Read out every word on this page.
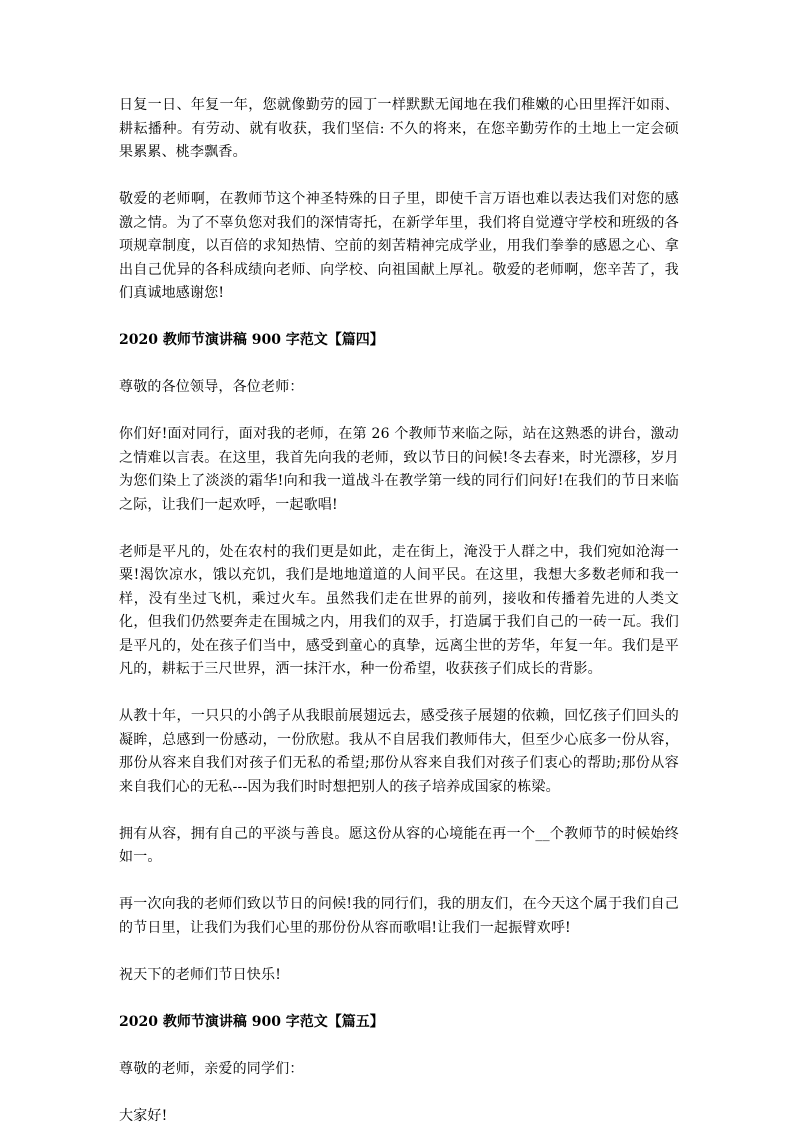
日复一日、年复一年，您就像勤劳的园丁一样默默无闻地在我们稚嫩的心田里挥汗如雨、耕耘播种。有劳动、就有收获，我们坚信: 不久的将来，在您辛勤劳作的土地上一定会硕果累累、桃李飘香。

敬爱的老师啊，在教师节这个神圣特殊的日子里，即使千言万语也难以表达我们对您的感激之情。为了不辜负您对我们的深情寄托，在新学年里，我们将自觉遵守学校和班级的各项规章制度，以百倍的求知热情、空前的刻苦精神完成学业，用我们拳拳的感恩之心、拿出自己优异的各科成绩向老师、向学校、向祖国献上厚礼。敬爱的老师啊，您辛苦了，我们真诚地感谢您!

2020 教师节演讲稿 900 字范文【篇四】

尊敬的各位领导，各位老师：

你们好!面对同行，面对我的老师，在第 26 个教师节来临之际，站在这熟悉的讲台，激动之情难以言表。在这里，我首先向我的老师，致以节日的问候!冬去春来，时光漂移，岁月为您们染上了淡淡的霜华!向和我一道战斗在教学第一线的同行们问好!在我们的节日来临之际，让我们一起欢呼，一起歌唱!

老师是平凡的，处在农村的我们更是如此，走在街上，淹没于人群之中，我们宛如沧海一粟!渴饮凉水，饿以充饥，我们是地地道道的人间平民。在这里，我想大多数老师和我一样，没有坐过飞机，乘过火车。虽然我们走在世界的前列，接收和传播着先进的人类文化，但我们仍然要奔走在围城之内，用我们的双手，打造属于我们自己的一砖一瓦。我们是平凡的，处在孩子们当中，感受到童心的真挚，远离尘世的芳华，年复一年。我们是平凡的，耕耘于三尺世界，洒一抹汗水，种一份希望，收获孩子们成长的背影。

从教十年，一只只的小鸽子从我眼前展翅远去，感受孩子展翅的依赖，回忆孩子们回头的凝眸，总感到一份感动，一份欣慰。我从不自居我们教师伟大，但至少心底多一份从容，那份从容来自我们对孩子们无私的希望;那份从容来自我们对孩子们衷心的帮助;那份从容来自我们心的无私---因为我们时时想把别人的孩子培养成国家的栋梁。

拥有从容，拥有自己的平淡与善良。愿这份从容的心境能在再一个__个教师节的时候始终如一。

再一次向我的老师们致以节日的问候!我的同行们，我的朋友们，在今天这个属于我们自己的节日里，让我们为我们心里的那份份从容而歌唱!让我们一起振臂欢呼!

祝天下的老师们节日快乐!

2020 教师节演讲稿 900 字范文【篇五】

尊敬的老师，亲爱的同学们：

大家好!
